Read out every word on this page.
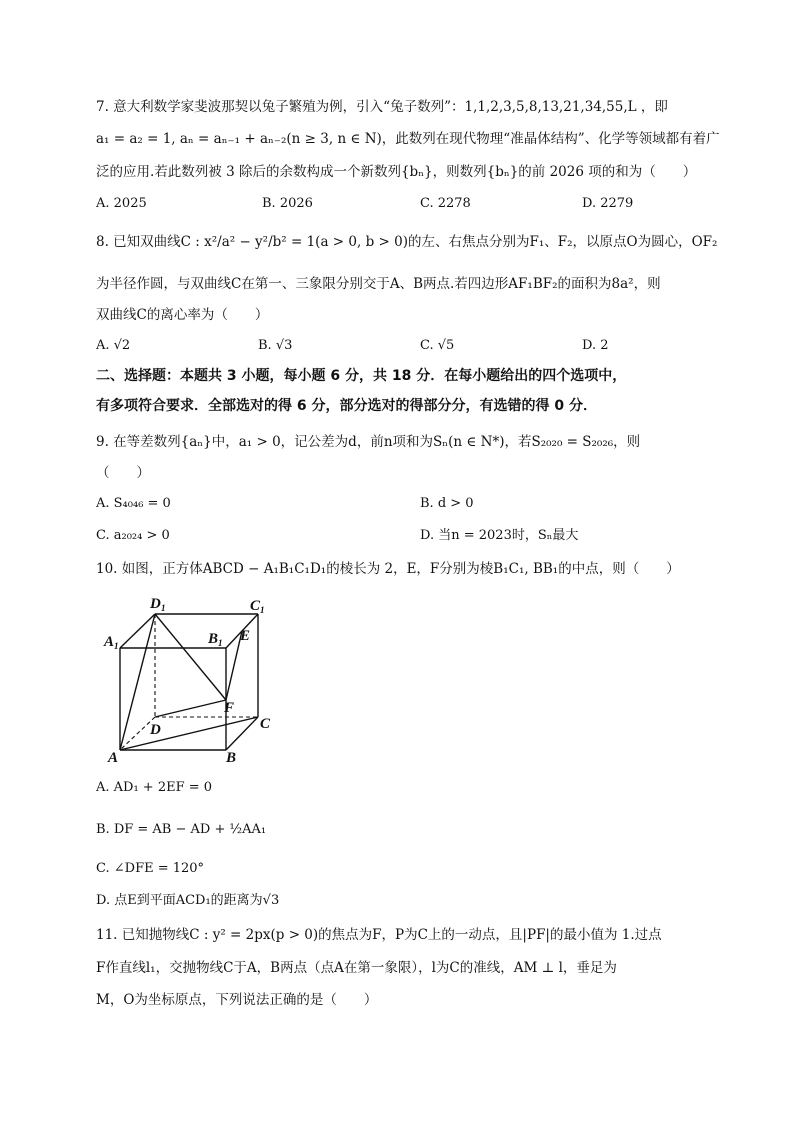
7. 意大利数学家斐波那契以兔子繁殖为例，引入“兔子数列”：1,1,2,3,5,8,13,21,34,55,L ，即
a₁ = a₂ = 1, aₙ = aₙ₋₁ + aₙ₋₂(n ≥ 3, n ∈ N)，此数列在现代物理“准晶体结构”、化学等领域都有着广
泛的应用.若此数列被 3 除后的余数构成一个新数列{bₙ}，则数列{bₙ}的前 2026 项的和为（　　）
A. 2025	B. 2026	C. 2278	D. 2279
8. 已知双曲线C : x²/a² − y²/b² = 1(a > 0, b > 0)的左、右焦点分别为F₁、F₂，以原点O为圆心，OF₂
为半径作圆，与双曲线C在第一、三象限分别交于A、B两点.若四边形AF₁BF₂的面积为8a²，则
双曲线C的离心率为（　　）
A. √2	B. √3	C. √5	D. 2
二、选择题：本题共 3 小题，每小题 6 分，共 18 分．在每小题给出的四个选项中，
有多项符合要求．全部选对的得 6 分，部分选对的得部分分，有选错的得 0 分．
9. 在等差数列{aₙ}中，a₁ > 0，记公差为d，前n项和为Sₙ(n ∈ N*)，若S₂₀₂₀ = S₂₀₂₆，则
（　　）
A. S₄₀₄₆ = 0	B. d > 0
C. a₂₀₂₄ > 0	D. 当n = 2023时，Sₙ最大
10. 如图，正方体ABCD − A₁B₁C₁D₁的棱长为 2，E，F分别为棱B₁C₁, BB₁的中点，则（　　）
D 1	C 1
A 1	B 1 E
F
D	C
A	B
A. AD₁ + 2EF = 0
B. DF = AB − AD + ½AA₁
C. ∠DFE = 120°
D. 点E到平面ACD₁的距离为√3
11. 已知抛物线C : y² = 2px(p > 0)的焦点为F，P为C上的一动点，且|PF|的最小值为 1.过点
F作直线l₁，交抛物线C于A，B两点（点A在第一象限），l为C的准线，AM ⊥ l，垂足为
M，O为坐标原点，下列说法正确的是（　　）
